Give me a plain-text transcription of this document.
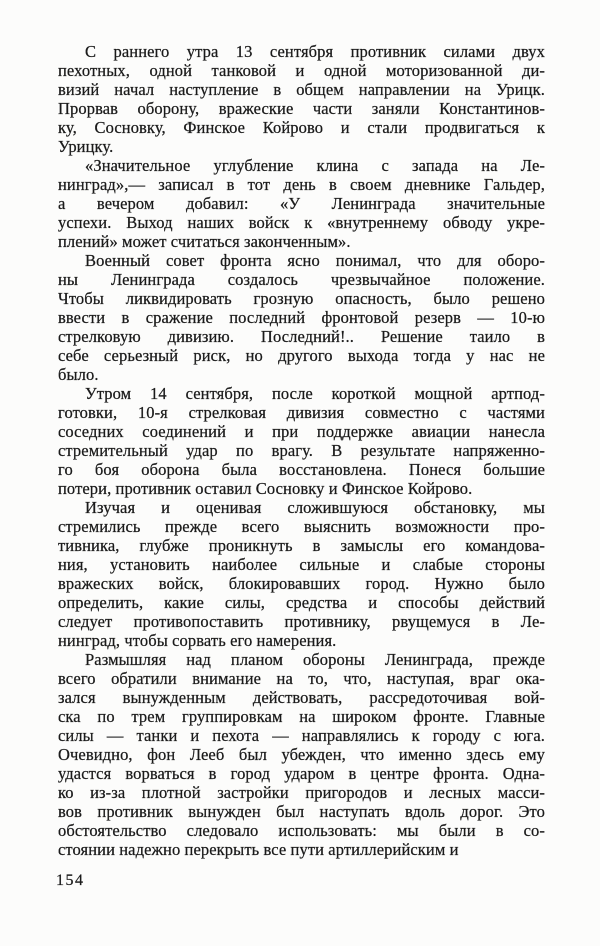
С раннего утра 13 сентября противник силами двух
пехотных, одной танковой и одной моторизованной ди-
визий начал наступление в общем направлении на Урицк.
Прорвав оборону, вражеские части заняли Константинов-
ку, Сосновку, Финское Койрово и стали продвигаться к
Урицку.
«Значительное углубление клина с запада на Ле-
нинград»,— записал в тот день в своем дневнике Гальдер,
а вечером добавил: «У Ленинграда значительные
успехи. Выход наших войск к «внутреннему обводу укре-
плений» может считаться законченным».
Военный совет фронта ясно понимал, что для оборо-
ны Ленинграда создалось чрезвычайное положение.
Чтобы ликвидировать грозную опасность, было решено
ввести в сражение последний фронтовой резерв — 10-ю
стрелковую дивизию. Последний!.. Решение таило в
себе серьезный риск, но другого выхода тогда у нас не
было.
Утром 14 сентября, после короткой мощной артпод-
готовки, 10-я стрелковая дивизия совместно с частями
соседних соединений и при поддержке авиации нанесла
стремительный удар по врагу. В результате напряженно-
го боя оборона была восстановлена. Понеся большие
потери, противник оставил Сосновку и Финское Койрово.
Изучая и оценивая сложившуюся обстановку, мы
стремились прежде всего выяснить возможности про-
тивника, глубже проникнуть в замыслы его командова-
ния, установить наиболее сильные и слабые стороны
вражеских войск, блокировавших город. Нужно было
определить, какие силы, средства и способы действий
следует противопоставить противнику, рвущемуся в Ле-
нинград, чтобы сорвать его намерения.
Размышляя над планом обороны Ленинграда, прежде
всего обратили внимание на то, что, наступая, враг ока-
зался вынужденным действовать, рассредоточивая вой-
ска по трем группировкам на широком фронте. Главные
силы — танки и пехота — направлялись к городу с юга.
Очевидно, фон Лееб был убежден, что именно здесь ему
удастся ворваться в город ударом в центре фронта. Одна-
ко из-за плотной застройки пригородов и лесных масси-
вов противник вынужден был наступать вдоль дорог. Это
обстоятельство следовало использовать: мы были в со-
стоянии надежно перекрыть все пути артиллерийским и
154
